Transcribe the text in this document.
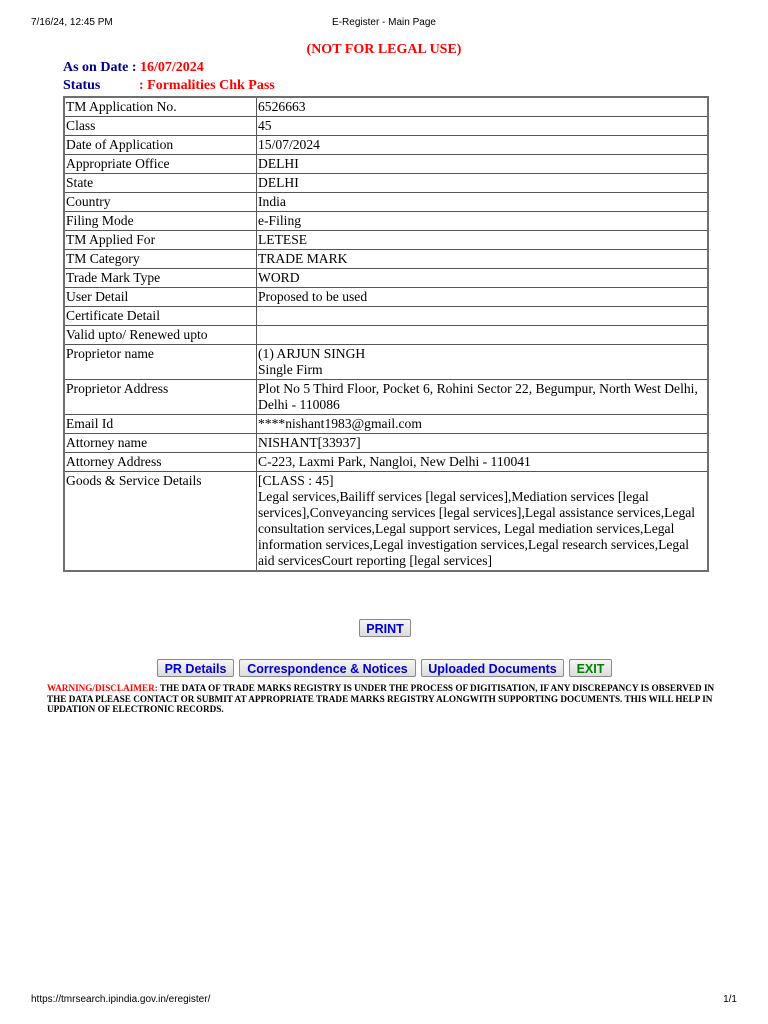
7/16/24, 12:45 PM	E-Register - Main Page
(NOT FOR LEGAL USE)
As on Date : 16/07/2024
Status	: Formalities Chk Pass
TM Application No.	6526663
Class	45
Date of Application	15/07/2024
Appropriate Office	DELHI
State	DELHI
Country	India
Filing Mode	e-Filing
TM Applied For	LETESE
TM Category	TRADE MARK
Trade Mark Type	WORD
User Detail	Proposed to be used
Certificate Detail	
Valid upto/ Renewed upto	
Proprietor name	(1) ARJUN SINGH
Single Firm

Proprietor Address	Plot No 5 Third Floor, Pocket 6, Rohini Sector 22, Begumpur, North West Delhi, Delhi - 110086
Email Id	****nishant1983@gmail.com
Attorney name	NISHANT[33937]
Attorney Address	C-223, Laxmi Park, Nangloi, New Delhi - 110041
Goods & Service Details	[CLASS : 45]
Legal services,Bailiff services [legal services],Mediation services [legal services],Conveyancing services [legal services],Legal assistance services,Legal consultation services,Legal support services, Legal mediation services,Legal information services,Legal investigation services,Legal research services,Legal aid servicesCourt reporting [legal services]
PRINT
PR Details	Correspondence & Notices	Uploaded Documents	EXIT
WARNING/DISCLAIMER: THE DATA OF TRADE MARKS REGISTRY IS UNDER THE PROCESS OF DIGITISATION, IF ANY DISCREPANCY IS OBSERVED IN THE DATA PLEASE CONTACT OR SUBMIT AT APPROPRIATE TRADE MARKS REGISTRY ALONGWITH SUPPORTING DOCUMENTS. THIS WILL HELP IN UPDATION OF ELECTRONIC RECORDS.
https://tmrsearch.ipindia.gov.in/eregister/	1/1
